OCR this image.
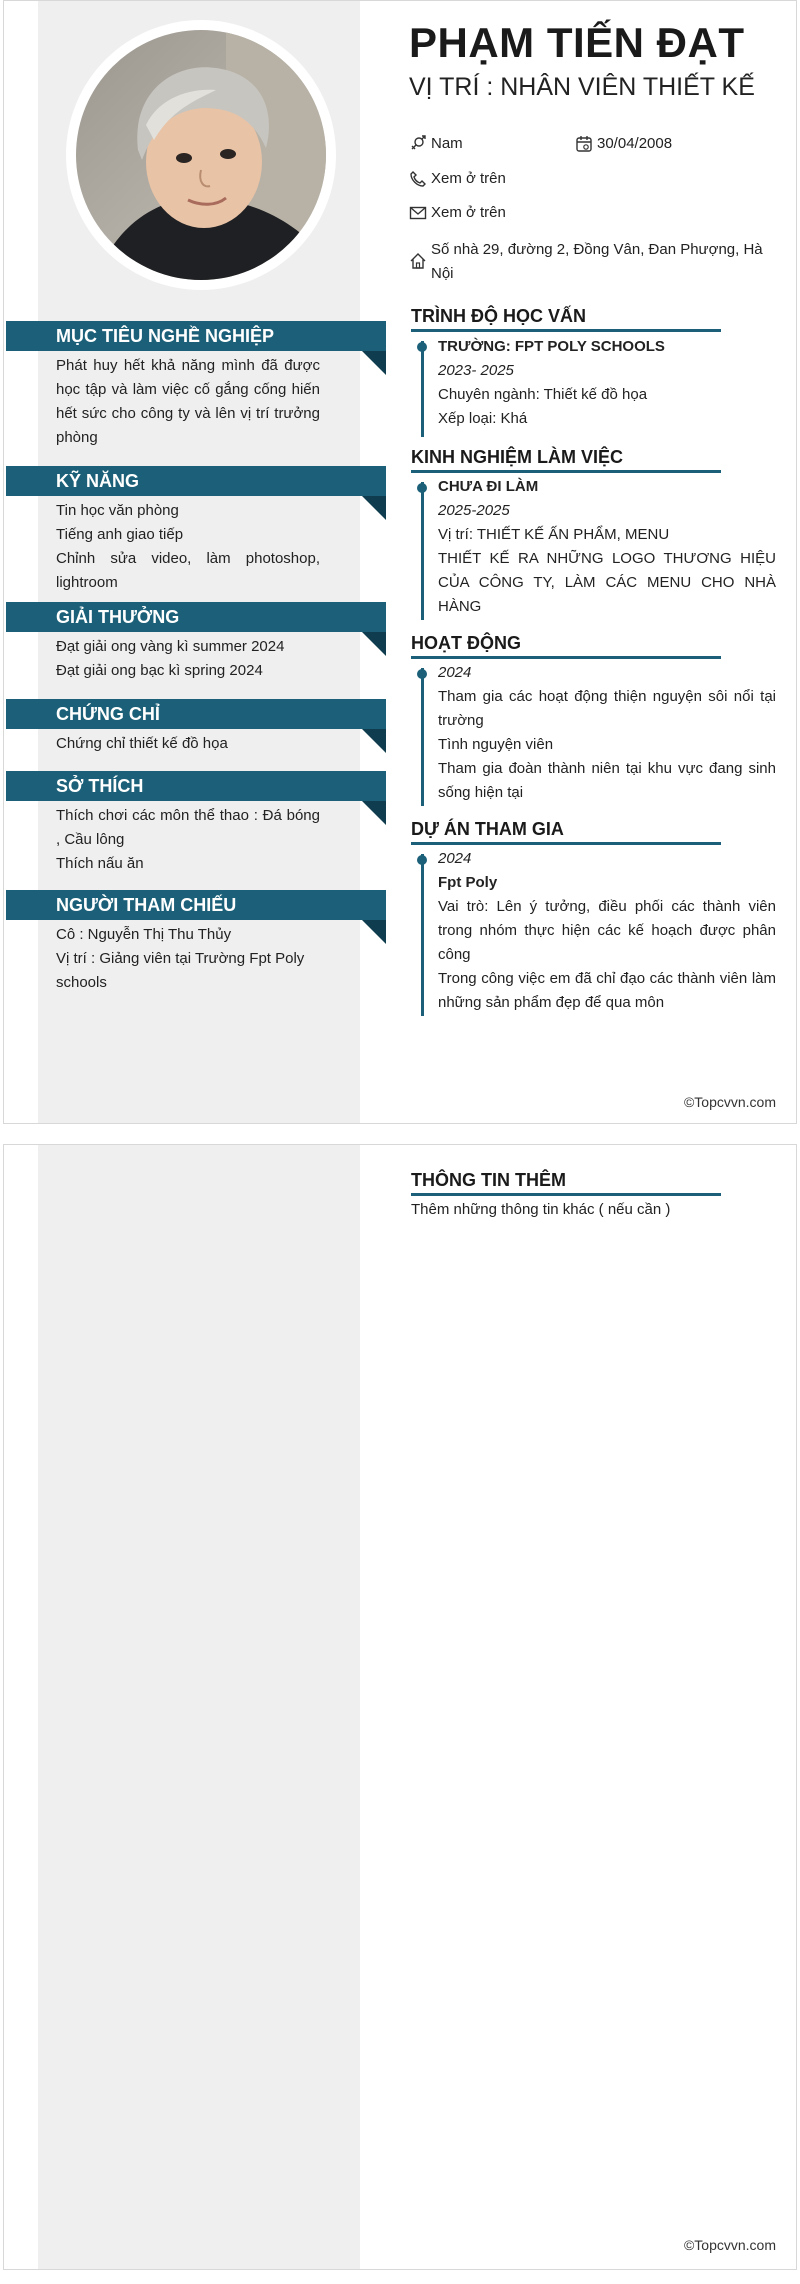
PHẠM TIẾN ĐẠT
VỊ TRÍ : NHÂN VIÊN THIẾT KẾ
Nam	30/04/2008
Xem ở trên
Xem ở trên
Số nhà 29, đường 2, Đồng Vân, Đan Phượng, Hà Nội
MỤC TIÊU NGHỀ NGHIỆP
Phát huy hết khả năng mình đã được học tập và làm việc cố gắng cống hiến hết sức cho công ty và lên vị trí trưởng phòng
KỸ NĂNG
Tin học văn phòng
Tiếng anh giao tiếp
Chỉnh sửa video, làm photoshop, lightroom
GIẢI THƯỞNG
Đạt giải ong vàng kì summer 2024
Đạt giải ong bạc kì spring 2024
CHỨNG CHỈ
Chứng chỉ thiết kế đồ họa
SỞ THÍCH
Thích chơi các môn thể thao : Đá bóng , Cầu lông
Thích nấu ăn
NGƯỜI THAM CHIẾU
Cô : Nguyễn Thị Thu Thủy
Vị trí : Giảng viên tại Trường Fpt Poly schools
TRÌNH ĐỘ HỌC VẤN
TRƯỜNG: FPT POLY SCHOOLS
2023- 2025
Chuyên ngành: Thiết kế đồ họa
Xếp loại: Khá
KINH NGHIỆM LÀM VIỆC
CHƯA ĐI LÀM
2025-2025
Vị trí: THIẾT KẾ ẤN PHẨM, MENU
THIẾT KẾ RA NHỮNG LOGO THƯƠNG HIỆU CỦA CÔNG TY, LÀM CÁC MENU CHO NHÀ HÀNG
HOẠT ĐỘNG
2024
Tham gia các hoạt động thiện nguyện sôi nổi tại trường
Tình nguyện viên
Tham gia đoàn thành niên tại khu vực đang sinh sống hiện tại
DỰ ÁN THAM GIA
2024
Fpt Poly
Vai trò: Lên ý tưởng, điều phối các thành viên trong nhóm thực hiện các kế hoạch được phân công
Trong công việc em đã chỉ đạo các thành viên làm những sản phẩm đẹp để qua môn
©Topcvvn.com
THÔNG TIN THÊM
Thêm những thông tin khác ( nếu cần )
©Topcvvn.com
